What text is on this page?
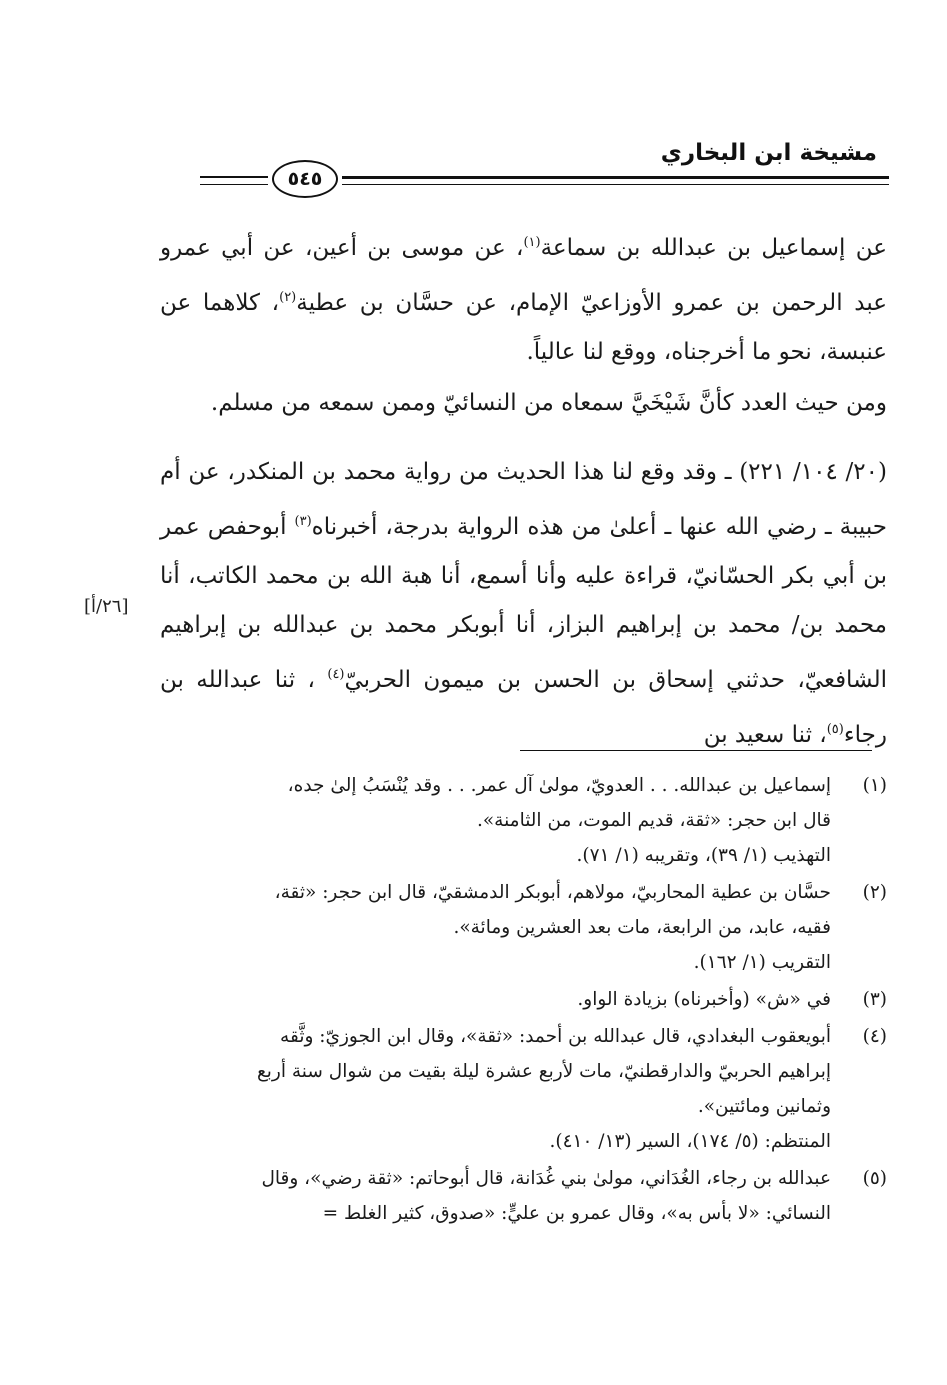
مشيخة ابن البخاري
٥٤٥
[٢٦/أ]

عن إسماعيل بن عبدالله بن سماعة$^{(١)}$، عن موسى بن أعين، عن أبي عمرو عبد الرحمن بن عمرو الأوزاعيّ الإمام، عن حسَّان بن عطية$^{(٢)}$، كلاهما عن عنبسة، نحو ما أخرجناه، ووقع لنا عالياً.

ومن حيث العدد كأنَّ شَيْخَيَّ سمعاه من النسائيّ وممن سمعه من مسلم.

(٢٠/ ١٠٤/ ٢٢١) ـ وقد وقع لنا هذا الحديث من رواية محمد بن المنكدر، عن أم حبيبة ـ رضي الله عنها ـ أعلىٰ من هذه الرواية بدرجة، أخبرناه$^{(٣)}$ أبوحفص عمر بن أبي بكر الحسّانيّ، قراءة عليه وأنا أسمع، أنا هبة الله بن محمد الكاتب، أنا محمد بن/ محمد بن إبراهيم البزاز، أنا أبوبكر محمد بن عبدالله بن إبراهيم الشافعيّ، حدثني إسحاق بن الحسن بن ميمون الحربيّ$^{(٤)}$ ، ثنا عبدالله بن رجاء$^{(٥)}$، ثنا سعيد بن

(١)
إسماعيل بن عبدالله. . . العدويّ، مولىٰ آل عمر. . . وقد يُنْسَبُ إلىٰ جده،
قال ابن حجر: «ثقة، قديم الموت، من الثامنة».
التهذيب (١/ ٣٩)، وتقريبه (١/ ٧١).
(٢)
حسَّان بن عطية المحاربيّ، مولاهم، أبوبكر الدمشقيّ، قال ابن حجر: «ثقة،
فقيه، عابد، من الرابعة، مات بعد العشرين ومائة».
التقريب (١/ ١٦٢).
(٣)
في «ش» (وأخبرناه) بزيادة الواو.
(٤)
أبويعقوب البغدادي، قال عبدالله بن أحمد: «ثقة»، وقال ابن الجوزيّ: وثَّقه
إبراهيم الحربيّ والدارقطنيّ، مات لأربع عشرة ليلة بقيت من شوال سنة أربع
وثمانين ومائتين».
المنتظم: (٥/ ١٧٤)، السير (١٣/ ٤١٠).
(٥)
عبدالله بن رجاء، الغُدَاني، مولىٰ بني غُدَانة، قال أبوحاتم: «ثقة رضي»، وقال
النسائي: «لا بأس به»، وقال عمرو بن عليٍّ: «صدوق، كثير الغلط =
